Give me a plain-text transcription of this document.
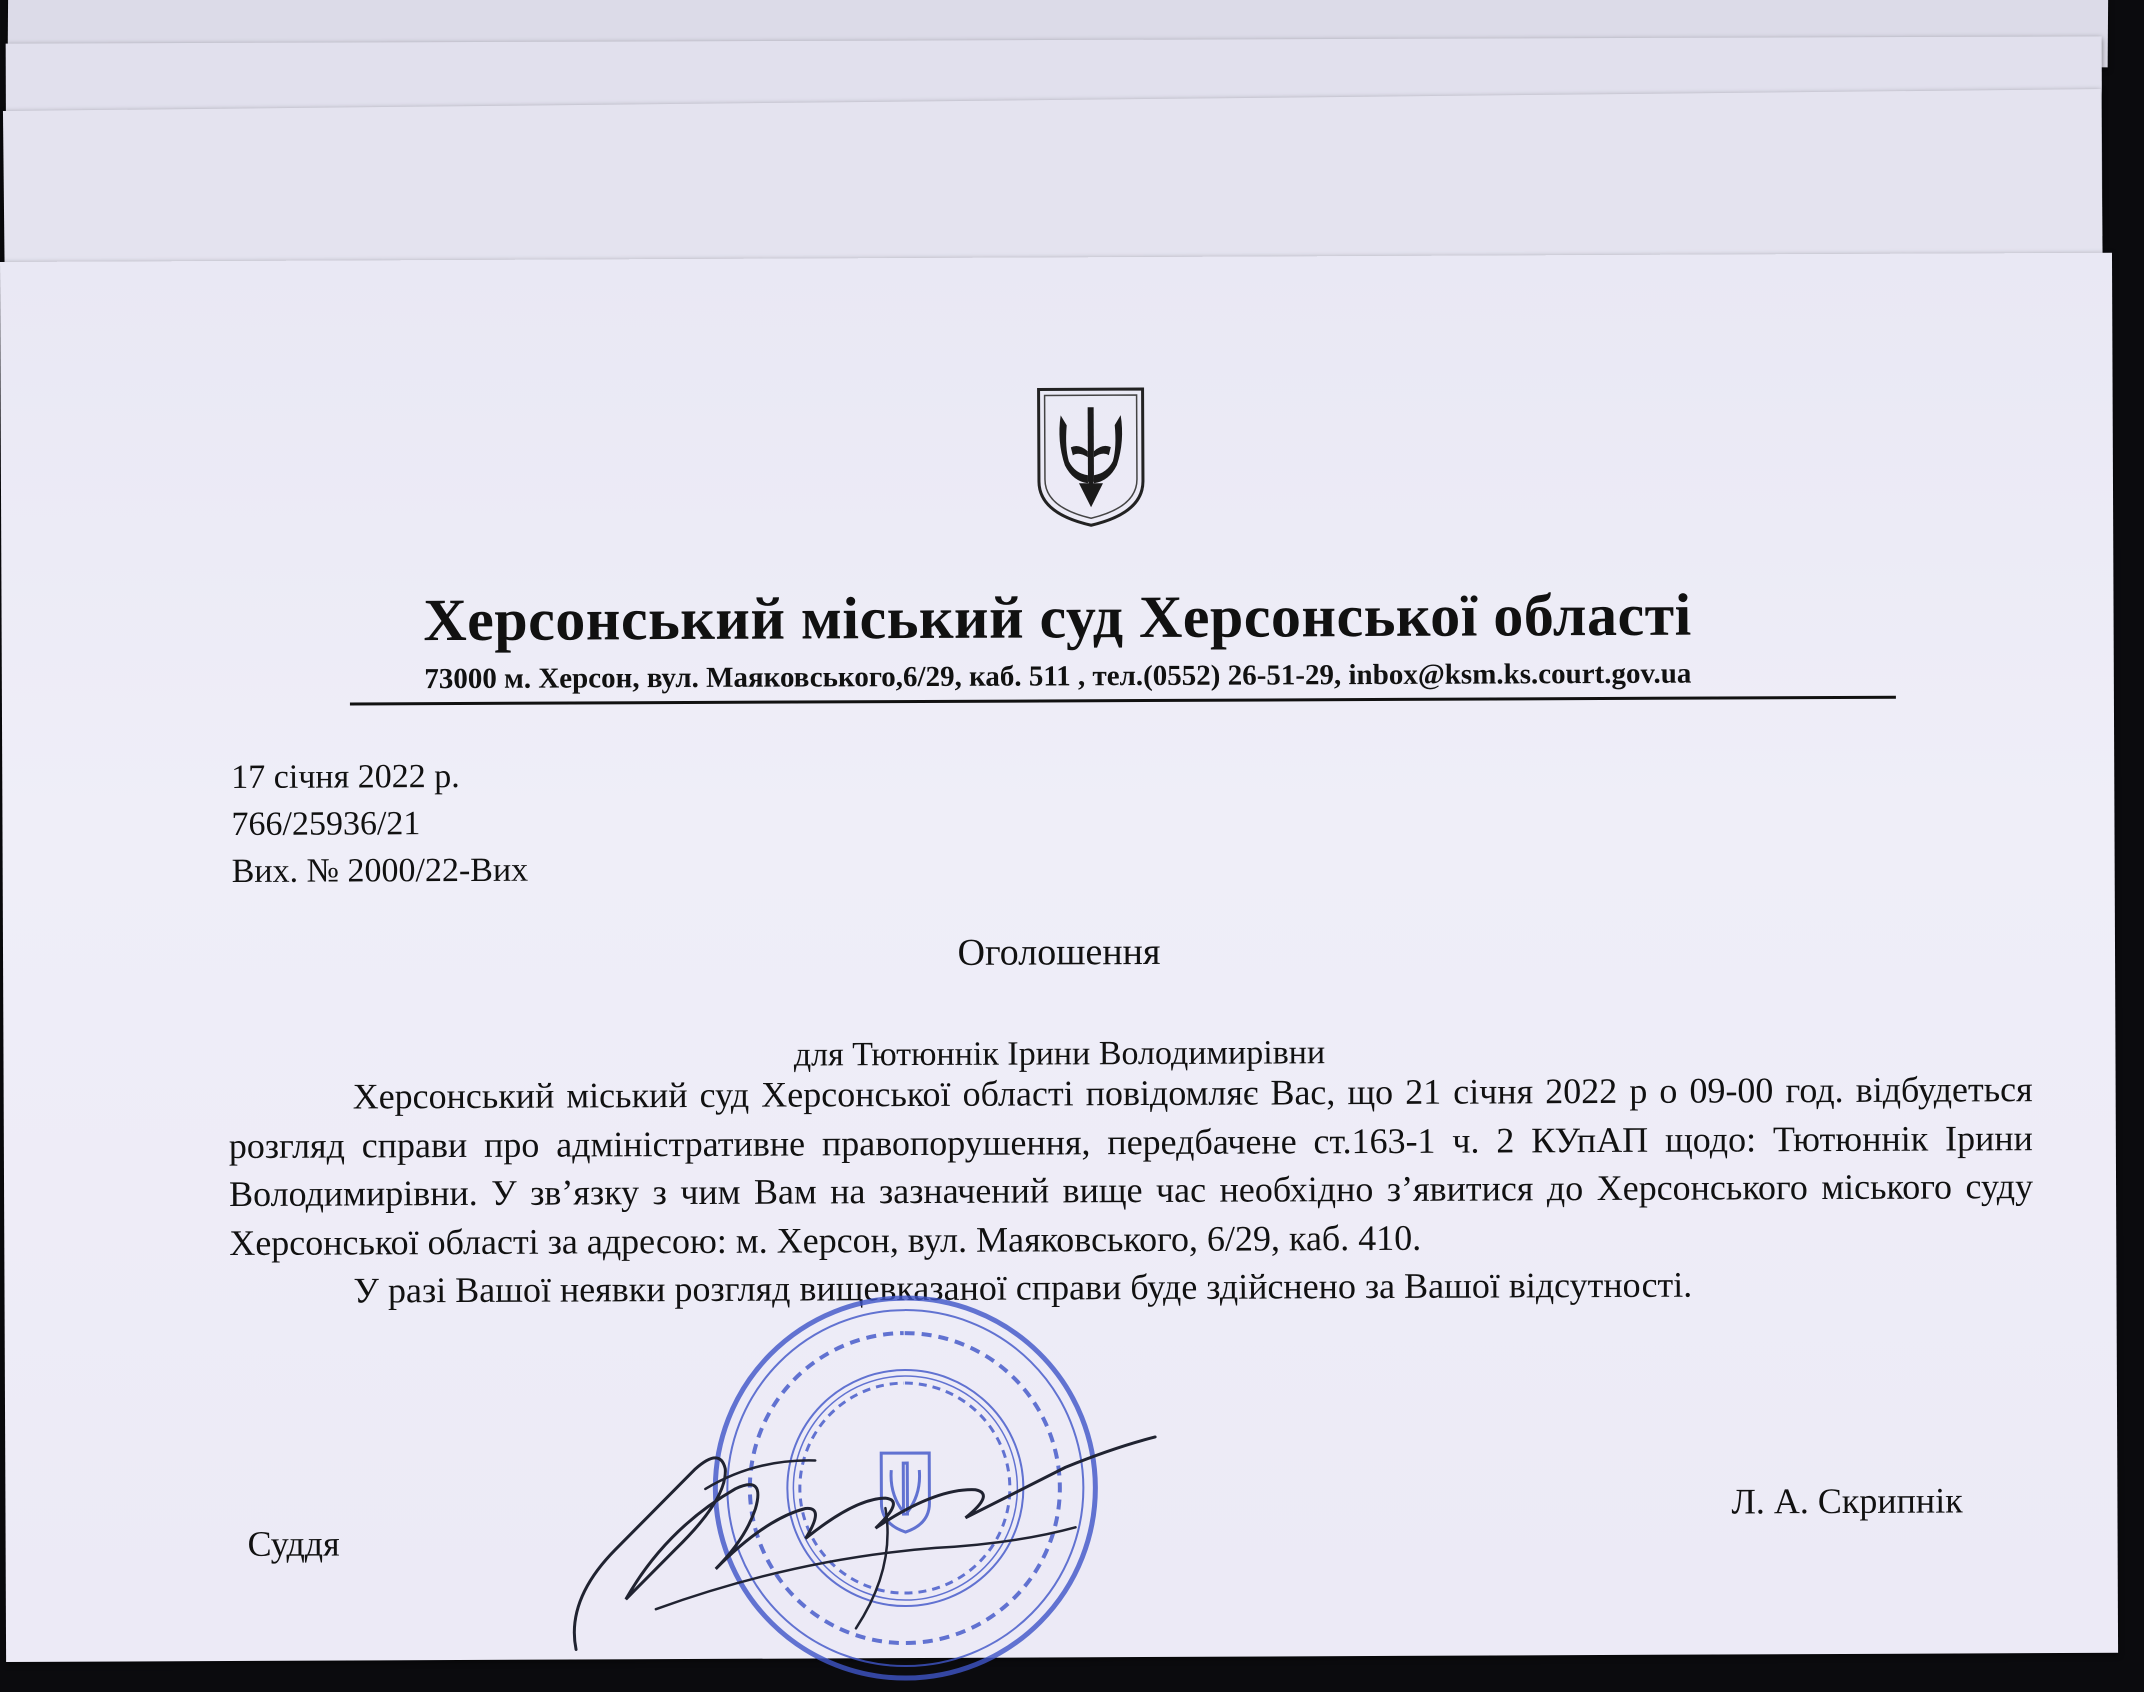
Херсонський міський суд Херсонської області
73000 м. Херсон, вул. Маяковського,6/29, каб. 511 , тел.(0552) 26-51-29, inbox@ksm.ks.court.gov.ua
17 січня 2022 р.
766/25936/21
Вих. № 2000/22-Вих
Оголошення
для Тютюннік Ірини Володимирівни

Херсонський міський суд Херсонської області повідомляє Вас, що 21 січня 2022 р о 09-00 год. відбудеться розгляд справи про адміністративне правопорушення, передбачене ст.163-1 ч. 2 КУпАП щодо: Тютюннік Ірини Володимирівни. У зв’язку з чим Вам на зазначений вище час необхідно з’явитися до Херсонського міського суду Херсонської області за адресою: м. Херсон, вул. Маяковського, 6/29, каб. 410.

У разі Вашої неявки розгляд вищевказаної справи буде здійснено за Вашої відсутності.

Суддя
Л. А. Скрипнік
